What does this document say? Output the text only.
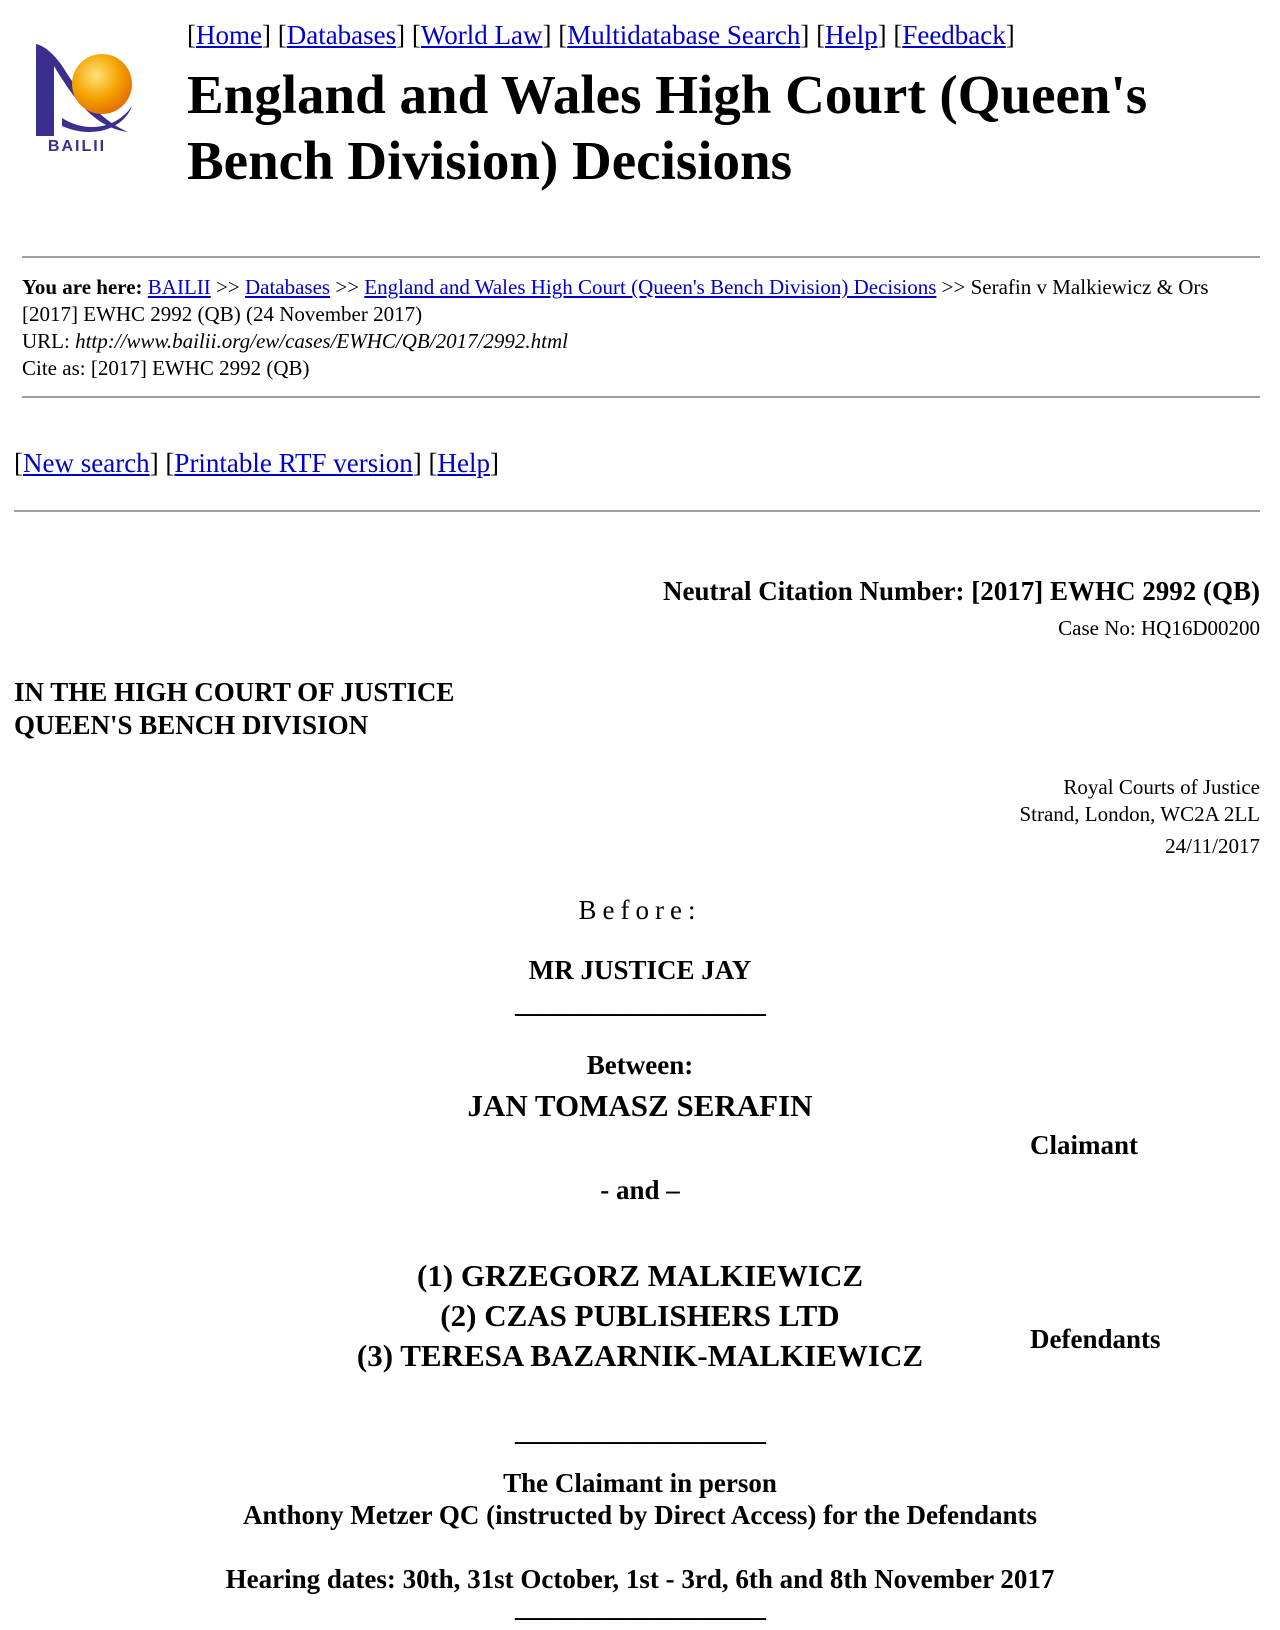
BAILII
[Home] [Databases] [World Law] [Multidatabase Search] [Help] [Feedback]
England and Wales High Court (Queen's Bench Division) Decisions
You are here: BAILII >> Databases >> England and Wales High Court (Queen's Bench Division) Decisions >> Serafin v Malkiewicz & Ors [2017] EWHC 2992 (QB) (24 November 2017)
URL: http://www.bailii.org/ew/cases/EWHC/QB/2017/2992.html
Cite as: [2017] EWHC 2992 (QB)
[New search] [Printable RTF version] [Help]
Neutral Citation Number: [2017] EWHC 2992 (QB)
Case No: HQ16D00200
IN THE HIGH COURT OF JUSTICE
QUEEN'S BENCH DIVISION
Royal Courts of Justice
Strand, London, WC2A 2LL
24/11/2017
Before:
MR JUSTICE JAY
____________________
Between:
JAN TOMASZ SERAFIN
Claimant
- and –
(1) GRZEGORZ MALKIEWICZ
(2) CZAS PUBLISHERS LTD
(3) TERESA BAZARNIK-MALKIEWICZ	Defendants
____________________
The Claimant in person
Anthony Metzer QC (instructed by Direct Access) for the Defendants
Hearing dates: 30th, 31st October, 1st - 3rd, 6th and 8th November 2017
____________________
